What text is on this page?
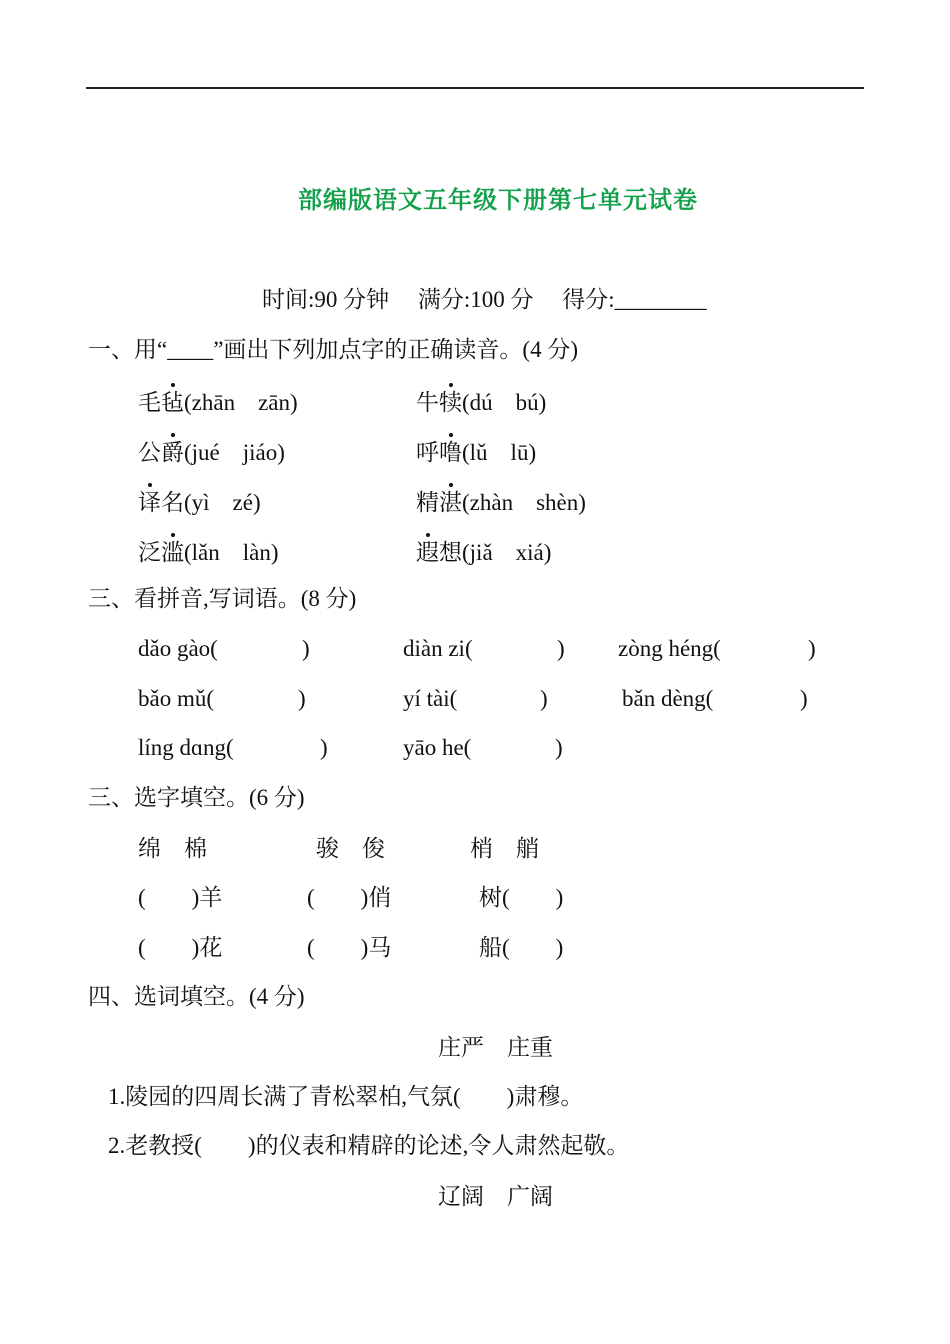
部编版语文五年级下册第七单元试卷
时间:90 分钟　 满分:100 分　 得分:________
一、用“____”画出下列加点字的正确读音。(4 分)
毛毡(zhān　zān)	牛犊(dú　bú)
公爵(jué　jiáo)	呼噜(lǔ　lū)
译名(yì　zé)	精湛(zhàn　shèn)
泛滥(lǎn　làn)	遐想(jiǎ　xiá)
三、看拼音,写词语。(8 分)
dǎo gào(	)	diàn zi(	) zòng héng(	)
bǎo mǔ(	)	yí tài(	)	bǎn dèng(	)
líng dɑng(	)	yāo he(	)
三、选字填空。(6 分)
绵　棉	骏　俊	梢　艄
(　　)羊	(　　)俏	树(　　)
(　　)花	(　　)马	船(　　)
四、选词填空。(4 分)
庄严　庄重
1.陵园的四周长满了青松翠柏,气氛(　　)肃穆。
2.老教授(　　)的仪表和精辟的论述,令人肃然起敬。
辽阔　广阔
